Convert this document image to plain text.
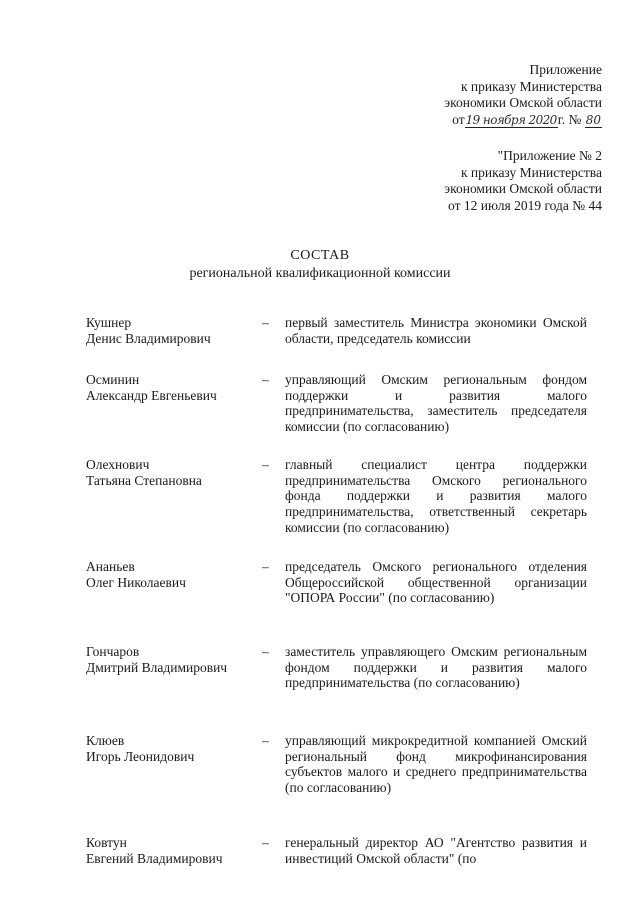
Приложение
к приказу Министерства
экономики Омской области
от19 ноября 2020г. № 80
"Приложение № 2
к приказу Министерства
экономики Омской области
от 12 июля 2019 года № 44
СОСТАВ
региональной квалификационной комиссии
Кушнер
Денис Владимирович
– первый заместитель Министра экономики Омской области, председатель комиссии
Осминин
Александр Евгеньевич
– управляющий Омским региональным фондом поддержки и развития малого предпринимательства, заместитель председателя комиссии (по согласованию)
Олехнович
Татьяна Степановна
– главный специалист центра поддержки предпринимательства Омского регионального фонда поддержки и развития малого предпринимательства, ответственный секретарь комиссии (по согласованию)
Ананьев
Олег Николаевич
– председатель Омского регионального отделения Общероссийской общественной организации "ОПОРА России" (по согласованию)
Гончаров
Дмитрий Владимирович
– заместитель управляющего Омским региональным фондом поддержки и развития малого предпринимательства (по согласованию)
Клюев
Игорь Леонидович
– управляющий микрокредитной компанией Омский региональный фонд микрофинансирования субъектов малого и среднего предпринимательства (по согласованию)
Ковтун
Евгений Владимирович
– генеральный директор АО "Агентство развития и инвестиций Омской области" (по
